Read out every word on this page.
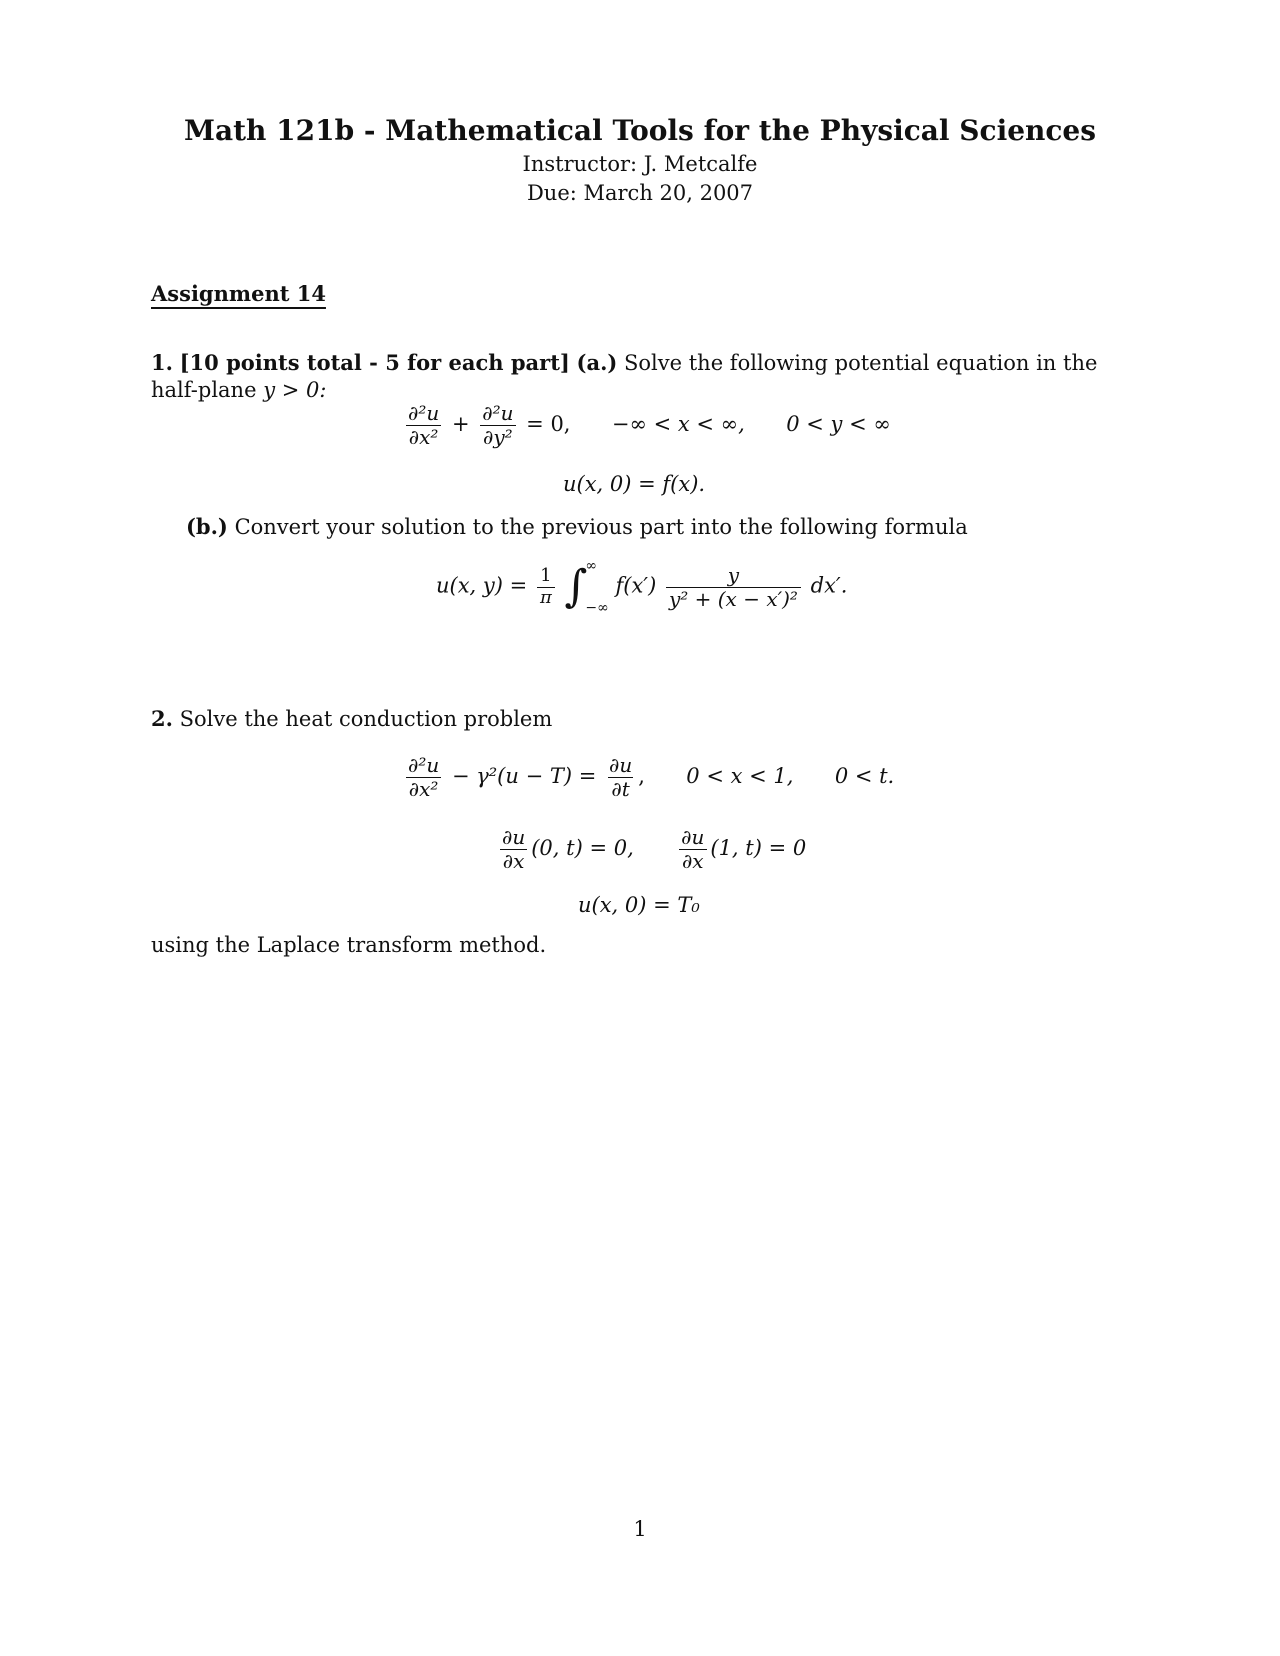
Math 121b - Mathematical Tools for the Physical Sciences
Instructor: J. Metcalfe
Due: March 20, 2007
Assignment 14
1. [10 points total - 5 for each part] (a.) Solve the following potential equation in the
half-plane y > 0:
$\frac{\text{∂²u}}{\text{∂x²}} + \frac{\text{∂²u}}{\text{∂y²}} = 0$, −∞ < x < ∞, 0 < y < ∞
u(x, 0) = f(x).
(b.) Convert your solution to the previous part into the following formula
u(x, $y) = \frac{1}{\pi}$
∫
∞
−∞
$f(x') \frac{y}{\text{y² + (x − x′)²}} dx'$.
2. Solve the heat conduction problem
$\frac{\text{∂²u}}{\text{∂x²}} - \gamma^2(u - T) = \frac{\partial u}{\partial t}$ , 0 < x < 1, 0 < t.
$\frac{\partial u}{\partial x} (0$, t) = 0, $\frac{\partial u}{\partial x} (1$, t) = 0
u(x, 0) = T₀
using the Laplace transform method.
1
